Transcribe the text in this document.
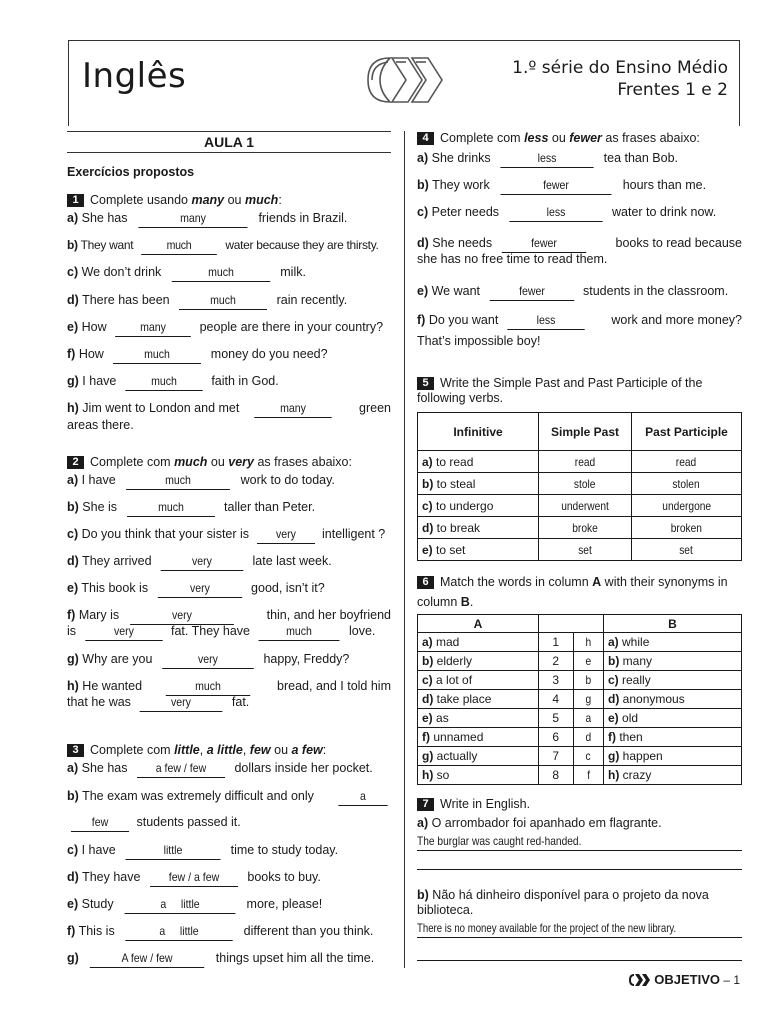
Inglês	1.º série do Ensino Médio
Frentes 1 e 2
AULA 1
Exercícios propostos
1 Complete usando many ou much:
a) She has	many	friends in Brazil.
b) They want	much	water because they are thirsty.
c) We don’t drink	much	milk.
d) There has been	much	rain recently.
e) How	many	people are there in your country?
f) How	much	money do you need?
g) I have	much	faith in God.
h) Jim went to London and met	many	green
areas there.
2 Complete com much ou very as frases abaixo:
a) I have	much	work to do today.
b) She is	much	taller than Peter.
c) Do you think that your sister is very intelligent ?
d) They arrived	very	late last week.
e) This book is	very	good, isn’t it?
f) Mary is	very	thin, and her boyfriend
is	very	fat. They have	much	love.
g) Why are you	very	happy, Freddy?
h) He wanted	much	bread, and I told him
that he was	very	fat.
3 Complete com little, a little, few ou a few:
a) She has a few / few dollars inside her pocket.
b) The exam was extremely difficult and only	a
few students passed it.
c) I have	little	time to study today.
d) They have few / a few books to buy.
e) Study	a     little	more, please!
f) This is	a     little	different than you think.
g)	A few / few	things upset him all the time.
4 Complete com less ou fewer as frases abaixo:
a) She drinks	less	tea than Bob.
b) They work	fewer	hours than me.
c) Peter needs	less	water to drink now.
d) She needs	fewer	books to read because
she has no free time to read them.
e) We want	fewer	students in the classroom.
f) Do you want	less	work and more money?
That’s impossible boy!
5 Write the Simple Past and Past Participle of the following verbs.
Infinitive	Simple Past	Past Participle
a) to read	read	read
b) to steal	stole	stolen
c) to undergo	underwent	undergone
d) to break	broke	broken
e) to set	set	set
6 Match the words in column A with their synonyms in column B.
A			B
a) mad	1	h	a) while
b) elderly	2	e	b) many
c) a lot of	3	b	c) really
d) take place	4	g	d) anonymous
e) as	5	a	e) old
f) unnamed	6	d	f) then
g) actually	7	c	g) happen
h) so	8	f	h) crazy
7 Write in English.
a) O arrombador foi apanhado em flagrante.
The burglar was caught red-handed.
b) Não há dinheiro disponível para o projeto da nova biblioteca.
There is no money available for the project of the new library.
OBJETIVO – 1
